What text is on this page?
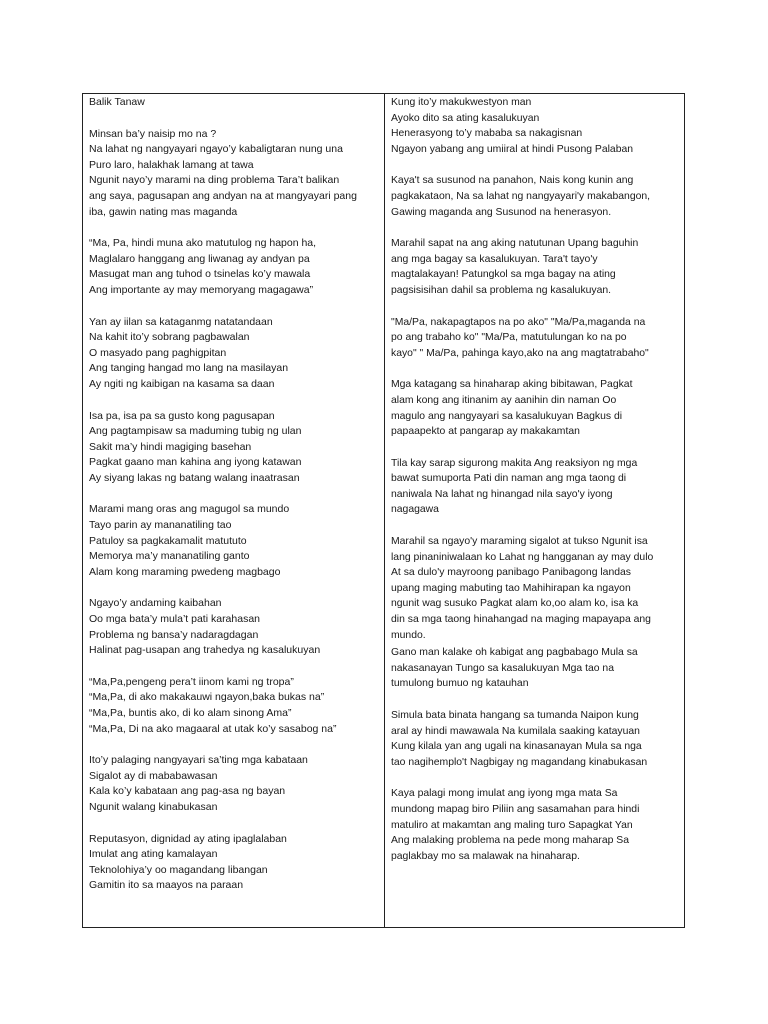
Balik Tanaw
Minsan ba’y naisip mo na ?
Na lahat ng nangyayari ngayo’y kabaligtaran nung una
Puro laro, halakhak lamang at tawa
Ngunit nayo’y marami na ding problema Tara’t balikan
ang saya, pagusapan ang andyan na at mangyayari pang
iba, gawin nating mas maganda
“Ma, Pa, hindi muna ako matutulog ng hapon ha,
Maglalaro hanggang ang liwanag ay andyan pa
Masugat man ang tuhod o tsinelas ko’y mawala
Ang importante ay may memoryang magagawa”
Yan ay iilan sa kataganmg natatandaan
Na kahit ito’y sobrang pagbawalan
O masyado pang paghigpitan
Ang tanging hangad mo lang na masilayan
Ay ngiti ng kaibigan na kasama sa daan
Isa pa, isa pa sa gusto kong pagusapan
Ang pagtampisaw sa maduming tubig ng ulan
Sakit ma’y hindi magiging basehan
Pagkat gaano man kahina ang iyong katawan
Ay siyang lakas ng batang walang inaatrasan
Marami mang oras ang magugol sa mundo
Tayo parin ay mananatiling tao
Patuloy sa pagkakamalit matututo
Memorya ma’y mananatiling ganto
Alam kong maraming pwedeng magbago
Ngayo’y andaming kaibahan
Oo mga bata’y mula’t pati karahasan
Problema ng bansa’y nadaragdagan
Halinat pag-usapan ang trahedya ng kasalukuyan
“Ma,Pa,pengeng pera’t iinom kami ng tropa”
“Ma,Pa, di ako makakauwi ngayon,baka bukas na”
“Ma,Pa, buntis ako, di ko alam sinong Ama”
“Ma,Pa, Di na ako magaaral at utak ko’y sasabog na”
Ito’y palaging nangyayari sa’ting mga kabataan
Sigalot ay di mababawasan
Kala ko’y kabataan ang pag-asa ng bayan
Ngunit walang kinabukasan
Reputasyon, dignidad ay ating ipaglalaban
Imulat ang ating kamalayan
Teknolohiya’y oo magandang libangan
Gamitin ito sa maayos na paraan
Kung ito’y makukwestyon man
Ayoko dito sa ating kasalukuyan
Henerasyong to’y mababa sa nakagisnan
Ngayon yabang ang umiiral at hindi Pusong Palaban
Kaya't sa susunod na panahon, Nais kong kunin ang
pagkakataon, Na sa lahat ng nangyayari'y makabangon,
Gawing maganda ang Susunod na henerasyon.
Marahil sapat na ang aking natutunan Upang baguhin
ang mga bagay sa kasalukuyan. Tara't tayo'y
magtalakayan! Patungkol sa mga bagay na ating
pagsisisihan dahil sa problema ng kasalukuyan.
"Ma/Pa, nakapagtapos na po ako" "Ma/Pa,maganda na
po ang trabaho ko" "Ma/Pa, matutulungan ko na po
kayo" " Ma/Pa, pahinga kayo,ako na ang magtatrabaho"
Mga katagang sa hinaharap aking bibitawan, Pagkat
alam kong ang itinanim ay aanihin din naman Oo
magulo ang nangyayari sa kasalukuyan Bagkus di
papaapekto at pangarap ay makakamtan
Tila kay sarap sigurong makita Ang reaksiyon ng mga
bawat sumuporta Pati din naman ang mga taong di
naniwala Na lahat ng hinangad nila sayo'y iyong
nagagawa
Marahil sa ngayo'y maraming sigalot at tukso Ngunit isa
lang pinaniniwalaan ko Lahat ng hangganan ay may dulo
At sa dulo'y mayroong panibago Panibagong landas
upang maging mabuting tao Mahihirapan ka ngayon
ngunit wag susuko Pagkat alam ko,oo alam ko, isa ka
din sa mga taong hinahangad na maging mapayapa ang
mundo.
Gano man kalake oh kabigat ang pagbabago Mula sa
nakasanayan Tungo sa kasalukuyan Mga tao na
tumulong bumuo ng katauhan
Simula bata binata hangang sa tumanda Naipon kung
aral ay hindi mawawala Na kumilala saaking katayuan
Kung kilala yan ang ugali na kinasanayan Mula sa nga
tao nagihemplo't Nagbigay ng magandang kinabukasan
Kaya palagi mong imulat ang iyong mga mata Sa
mundong mapag biro Piliin ang sasamahan para hindi
matuliro at makamtan ang maling turo Sapagkat Yan
Ang malaking problema na pede mong maharap Sa
paglakbay mo sa malawak na hinaharap.
